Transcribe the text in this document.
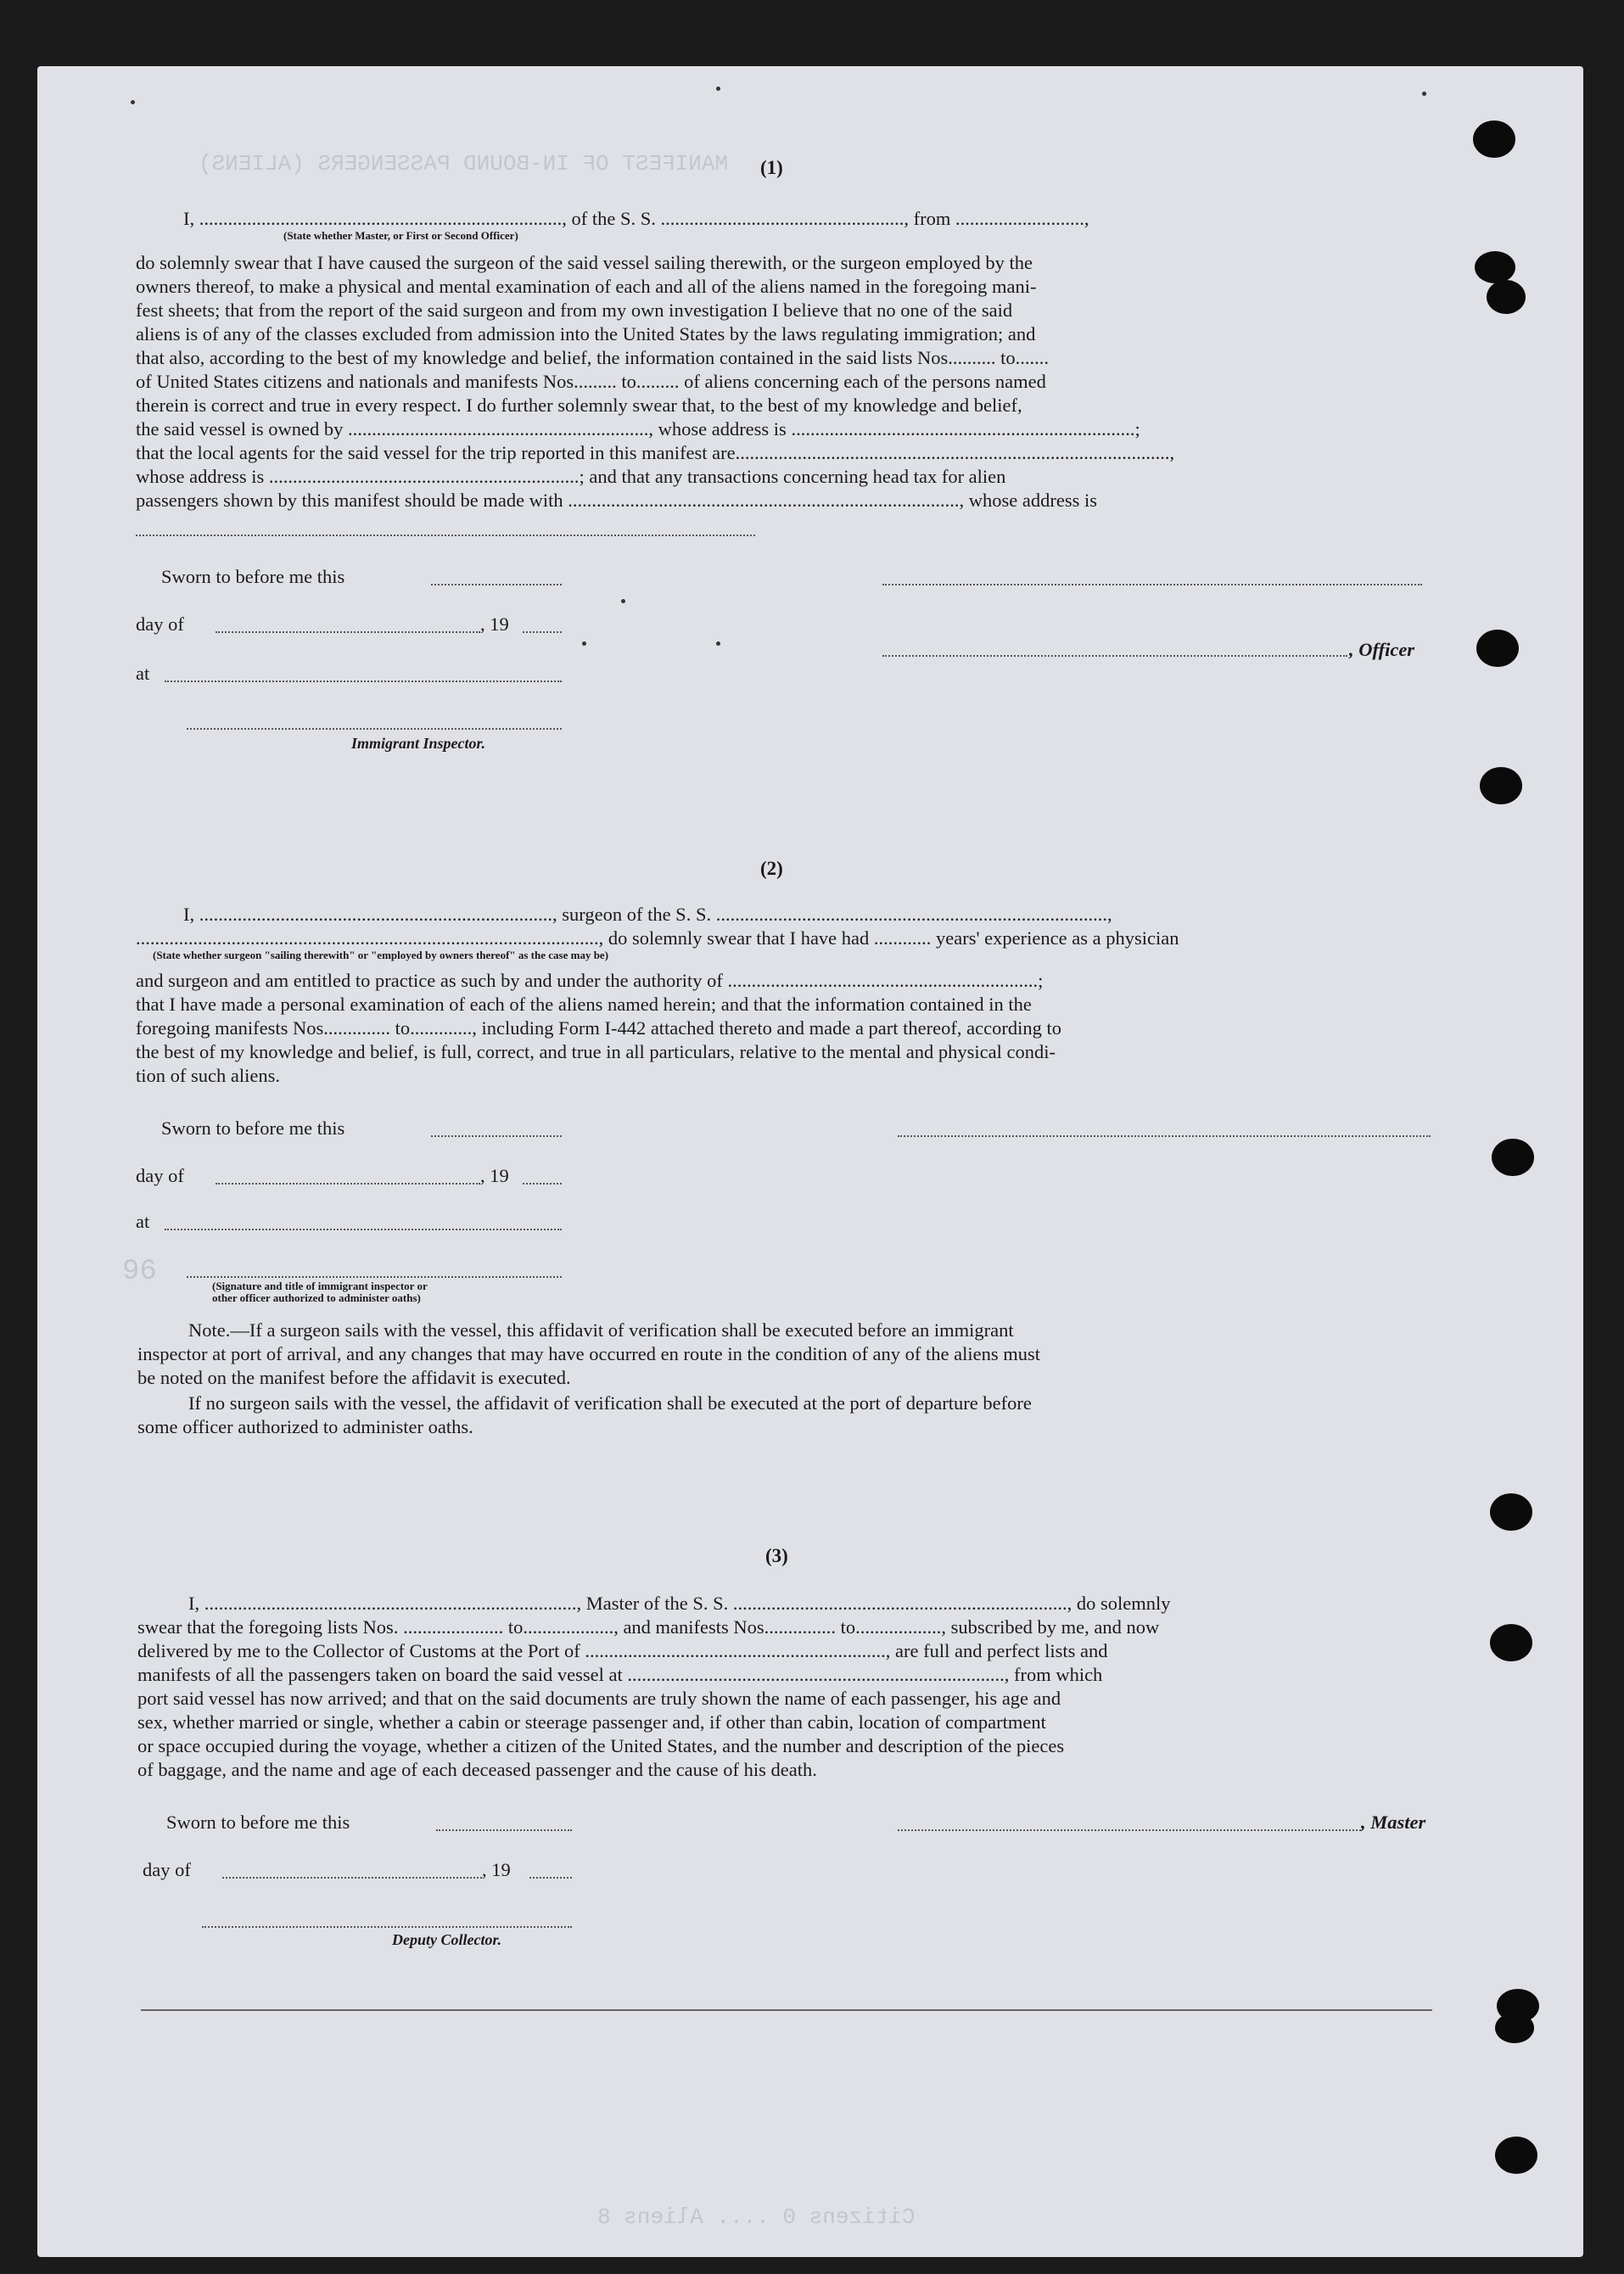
MANIFEST OF IN-BOUND PASSENGERS (ALIENS)
Citizens 0 .... Aliens 8
96
(1)
I, ............................................................................, of the S. S. ..................................................., from ...........................,
(State whether Master, or First or Second Officer)
do solemnly swear that I have caused the surgeon of the said vessel sailing therewith, or the surgeon employed by the
owners thereof, to make a physical and mental examination of each and all of the aliens named in the foregoing mani-
fest sheets; that from the report of the said surgeon and from my own investigation I believe that no one of the said
aliens is of any of the classes excluded from admission into the United States by the laws regulating immigration; and
that also, according to the best of my knowledge and belief, the information contained in the said lists Nos.......... to.......
of United States citizens and nationals and manifests Nos......... to......... of aliens concerning each of the persons named
therein is correct and true in every respect. I do further solemnly swear that, to the best of my knowledge and belief,
the said vessel is owned by ..............................................................., whose address is ........................................................................;
that the local agents for the said vessel for the trip reported in this manifest are...........................................................................................,
whose address is .................................................................; and that any transactions concerning head tax for alien
passengers shown by this manifest should be made with .................................................................................., whose address is
Sworn to before me this
day of	, 19
, Officer
at
Immigrant Inspector.
(2)
I, .........................................................................., surgeon of the S. S. ..................................................................................,
................................................................................................., do solemnly swear that I have had ............ years' experience as a physician
(State whether surgeon "sailing therewith" or "employed by owners thereof" as the case may be)
and surgeon and am entitled to practice as such by and under the authority of .................................................................;
that I have made a personal examination of each of the aliens named herein; and that the information contained in the
foregoing manifests Nos.............. to............., including Form I-442 attached thereto and made a part thereof, according to
the best of my knowledge and belief, is full, correct, and true in all particulars, relative to the mental and physical condi-
tion of such aliens.
Sworn to before me this
day of	, 19
at
(Signature and title of immigrant inspector or
other officer authorized to administer oaths)
Note.—If a surgeon sails with the vessel, this affidavit of verification shall be executed before an immigrant
inspector at port of arrival, and any changes that may have occurred en route in the condition of any of the aliens must
be noted on the manifest before the affidavit is executed.
If no surgeon sails with the vessel, the affidavit of verification shall be executed at the port of departure before
some officer authorized to administer oaths.
(3)
I, .............................................................................., Master of the S. S. ......................................................................, do solemnly
swear that the foregoing lists Nos. ..................... to..................., and manifests Nos............... to.................., subscribed by me, and now
delivered by me to the Collector of Customs at the Port of ..............................................................., are full and perfect lists and
manifests of all the passengers taken on board the said vessel at ..............................................................................., from which
port said vessel has now arrived; and that on the said documents are truly shown the name of each passenger, his age and
sex, whether married or single, whether a cabin or steerage passenger and, if other than cabin, location of compartment
or space occupied during the voyage, whether a citizen of the United States, and the number and description of the pieces
of baggage, and the name and age of each deceased passenger and the cause of his death.
Sworn to before me this	, Master
day of	, 19
Deputy Collector.
